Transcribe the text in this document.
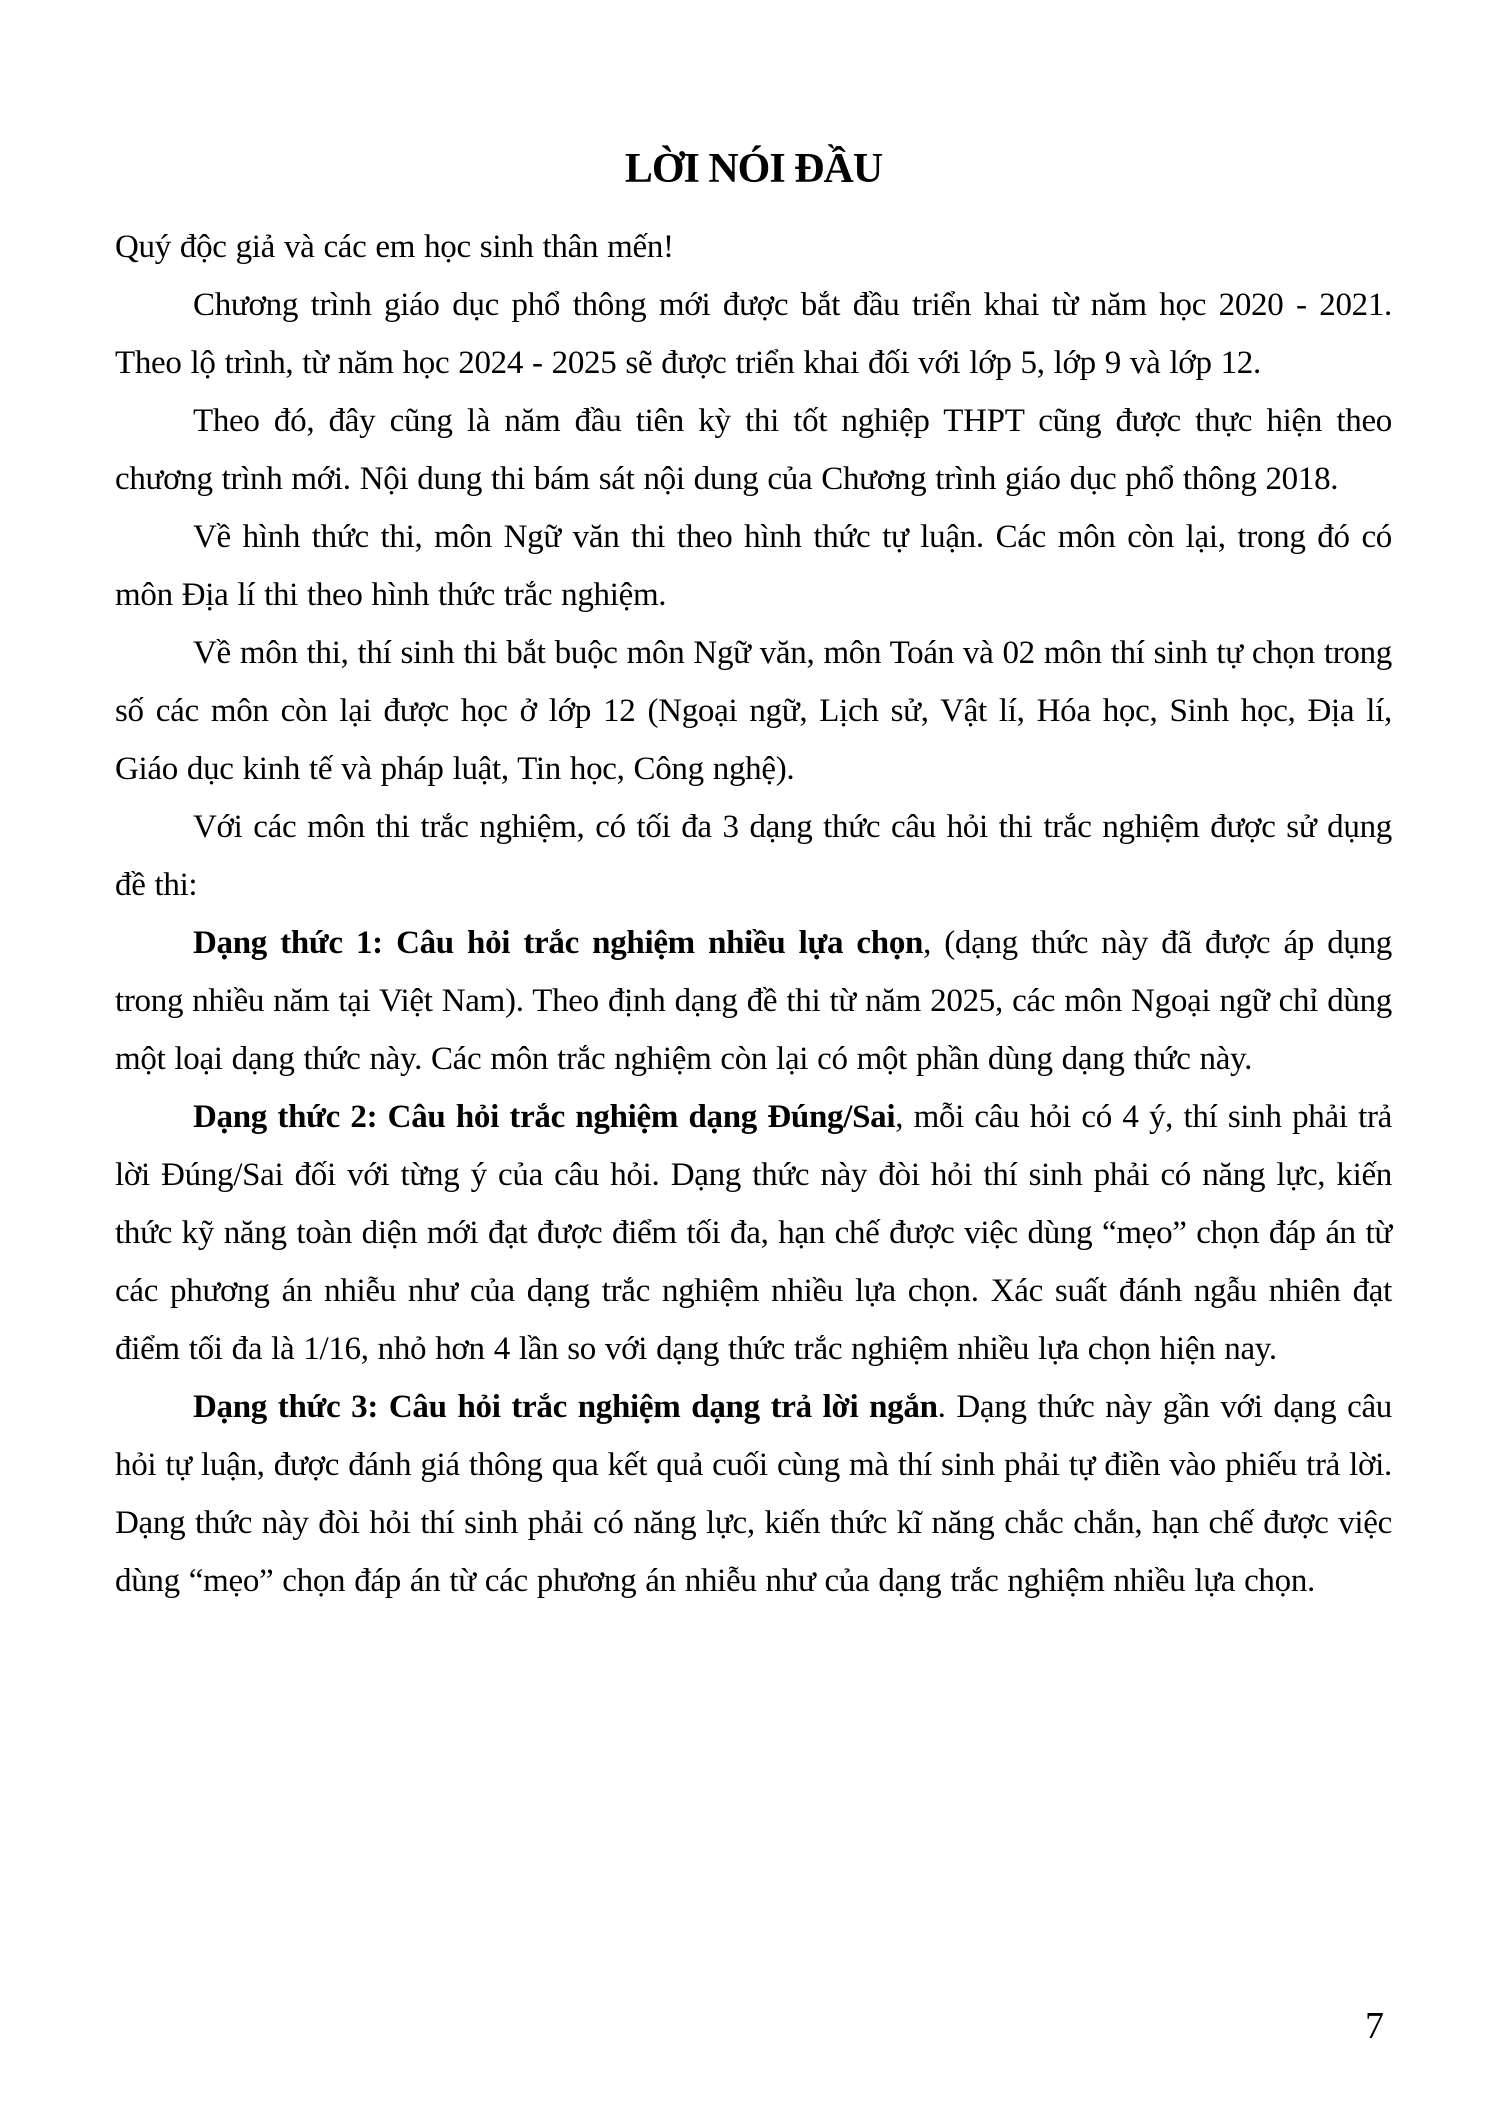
LỜI NÓI ĐẦU

Quý độc giả và các em học sinh thân mến!

Chương trình giáo dục phổ thông mới được bắt đầu triển khai từ năm học 2020 - 2021. Theo lộ trình, từ năm học 2024 - 2025 sẽ được triển khai đối với lớp 5, lớp 9 và lớp 12.

Theo đó, đây cũng là năm đầu tiên kỳ thi tốt nghiệp THPT cũng được thực hiện theo chương trình mới. Nội dung thi bám sát nội dung của Chương trình giáo dục phổ thông 2018.

Về hình thức thi, môn Ngữ văn thi theo hình thức tự luận. Các môn còn lại, trong đó có môn Địa lí thi theo hình thức trắc nghiệm.

Về môn thi, thí sinh thi bắt buộc môn Ngữ văn, môn Toán và 02 môn thí sinh tự chọn trong số các môn còn lại được học ở lớp 12 (Ngoại ngữ, Lịch sử, Vật lí, Hóa học, Sinh học, Địa lí, Giáo dục kinh tế và pháp luật, Tin học, Công nghệ).

Với các môn thi trắc nghiệm, có tối đa 3 dạng thức câu hỏi thi trắc nghiệm được sử dụng đề thi:

Dạng thức 1: Câu hỏi trắc nghiệm nhiều lựa chọn, (dạng thức này đã được áp dụng trong nhiều năm tại Việt Nam). Theo định dạng đề thi từ năm 2025, các môn Ngoại ngữ chỉ dùng một loại dạng thức này. Các môn trắc nghiệm còn lại có một phần dùng dạng thức này.

Dạng thức 2: Câu hỏi trắc nghiệm dạng Đúng/Sai, mỗi câu hỏi có 4 ý, thí sinh phải trả lời Đúng/Sai đối với từng ý của câu hỏi. Dạng thức này đòi hỏi thí sinh phải có năng lực, kiến thức kỹ năng toàn diện mới đạt được điểm tối đa, hạn chế được việc dùng “mẹo” chọn đáp án từ các phương án nhiễu như của dạng trắc nghiệm nhiều lựa chọn. Xác suất đánh ngẫu nhiên đạt điểm tối đa là 1/16, nhỏ hơn 4 lần so với dạng thức trắc nghiệm nhiều lựa chọn hiện nay.

Dạng thức 3: Câu hỏi trắc nghiệm dạng trả lời ngắn. Dạng thức này gần với dạng câu hỏi tự luận, được đánh giá thông qua kết quả cuối cùng mà thí sinh phải tự điền vào phiếu trả lời. Dạng thức này đòi hỏi thí sinh phải có năng lực, kiến thức kĩ năng chắc chắn, hạn chế được việc dùng “mẹo” chọn đáp án từ các phương án nhiễu như của dạng trắc nghiệm nhiều lựa chọn.

7
